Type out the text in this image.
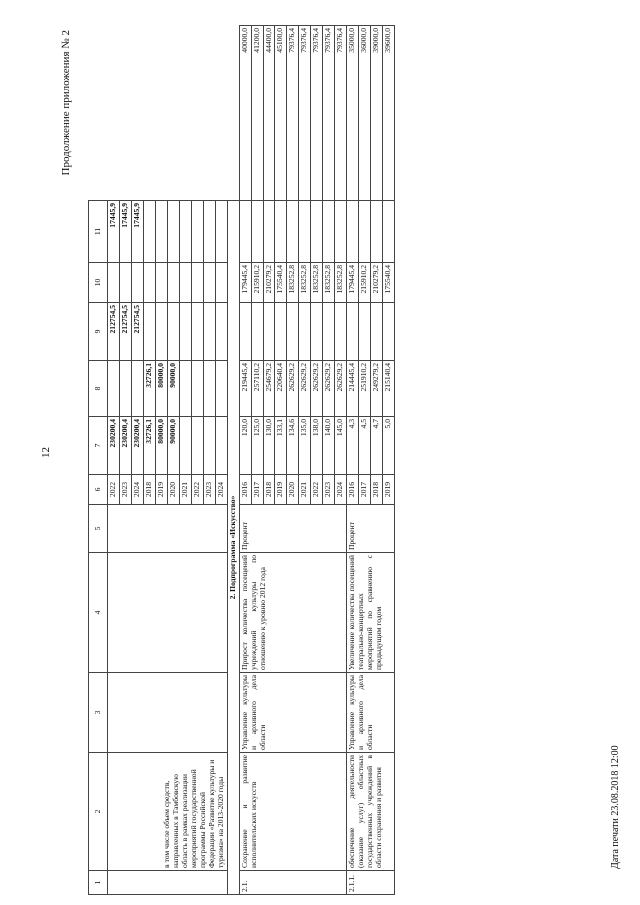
12
Продолжение приложения № 2
1	2	3	4	5	6	7	8	9	10	11	

	в том числе объем средств, направленных в Тамбовскую область в рамках реализации мероприятий государственной программы Российской Федерации «Развитие культуры и туризма» на 2013-2020 годы				2022	230200,4		212754,5		17445,9	
					2023	230200,4		212754,5		17445,9	
					2024	230200,4		212754,5		17445,9	
					2018	32726,1	32726,1				
					2019	80000,0	80000,0				
					2020	90000,0	90000,0				
					2021						
					2022						
					2023						
					2024						
2. Подпрограмма «Искусство»											
2.1.	Сохранение и развитие исполнительских искусств	Управление культуры и архивного дела области	Прирост количества посещений учреждений культуры по отношению к уровню 2012 года	Процент	2016	120,0	219445,4		179445,4		40000,0
					2017	125,0	257110,2		215910,2		41200,0
					2018	130,0	254679,2		210279,2		44400,0
					2019	133,1	220640,4		175540,4		45100,0
					2020	134,6	262629,2		183252,8		79376,4
					2021	135,0	262629,2		183252,8		79376,4
					2022	138,0	262629,2		183252,8		79376,4
					2023	140,0	262629,2		183252,8		79376,4
					2024	145,0	262629,2		183252,8		79376,4
2.1.1.	обеспечение деятельности (оказание услуг) областных государственных учреждений в области сохранения и развития	Управление культуры и архивного дела области	Увеличение количества посещений театрально-концертных мероприятий по сравнению с предыдущим годом	Процент	2016	4,3	214445,4		179445,4		35000,0
					2017	4,5	251910,2		215910,2		36000,0
					2018	4,7	249279,2		210279,2		39000,0
					2019	5,0	215140,4		175540,4		39600,0
Дата печати 23.08.2018 12:00
